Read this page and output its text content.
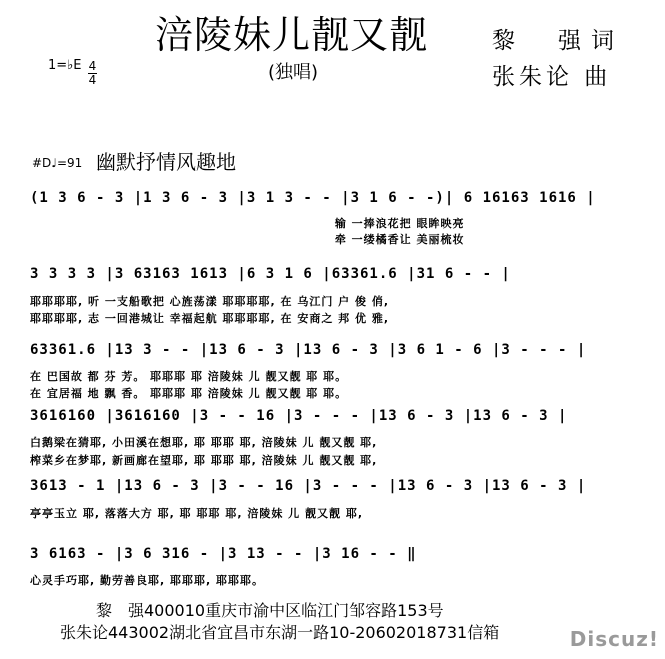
涪陵妹儿靓又靓
(独唱)
黎　强词
张朱论 曲
1=♭E 4
4
#D♩=91 幽默抒情风趣地
(1 3 6 - 3 |1 3 6 - 3 |3 1 3 - - |3 1 6 - -)| 6 16163 1616 |
　　　　　　　　　　　　　　　　　　　　　　　　　 输 一捧浪花把 眼眸映亮
　　　　　　　　　　　　　　　　　　　　　　　　　 牵 一缕橘香让 美丽梳妆
3 3 3 3 |3 63163 1613 |6 3 1 6 |63361.6 |31 6 - - |
耶耶耶耶, 听 一支船歌把 心旌荡漾 耶耶耶耶, 在 乌江门 户 俊 俏,
耶耶耶耶, 志 一回港城让 幸福起航 耶耶耶耶, 在 安商之 邦 优 雅,
63361.6 |13 3 - - |13 6 - 3 |13 6 - 3 |3 6 1 - 6 |3 - - - |
在 巴国故 都 芬 芳。 耶耶耶 耶 涪陵妹 儿 靓又靓 耶 耶。
在 宜居福 地 飘 香。 耶耶耶 耶 涪陵妹 儿 靓又靓 耶 耶。
3616160 |3616160 |3 - - 16 |3 - - - |13 6 - 3 |13 6 - 3 |
白鹅梁在猜耶, 小田溪在想耶, 耶 耶耶 耶, 涪陵妹 儿 靓又靓 耶,
榨菜乡在梦耶, 新画廊在望耶, 耶 耶耶 耶, 涪陵妹 儿 靓又靓 耶,
3613 - 1 |13 6 - 3 |3 - - 16 |3 - - - |13 6 - 3 |13 6 - 3 |
亭亭玉立 耶, 落落大方 耶, 耶 耶耶 耶, 涪陵妹 儿 靓又靓 耶,
3 6163 - |3 6 316 - |3 13 - - |3 16 - - ‖
心灵手巧耶, 勤劳善良耶, 耶耶耶, 耶耶耶。
黎　强400010重庆市渝中区临江门邹容路153号
张朱论443002湖北省宜昌市东湖一路10-20602018731信箱	Discuz!
